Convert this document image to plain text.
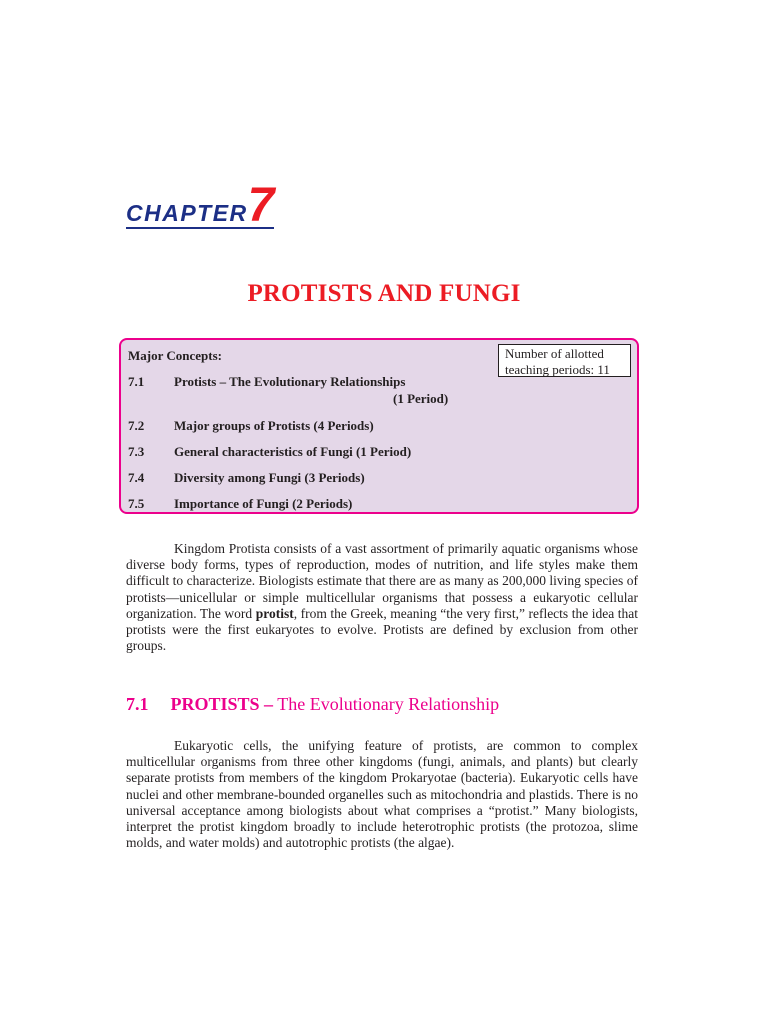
CHAPTER 7
PROTISTS AND FUNGI
Major Concepts:	Number of allotted
teaching periods: 11
7.1 Protists – The Evolutionary Relationships
(1 Period)
7.2 Major groups of Protists (4 Periods)
7.3 General characteristics of Fungi (1 Period)
7.4 Diversity among Fungi (3 Periods)
7.5 Importance of Fungi (2 Periods)

Kingdom Protista consists of a vast assortment of primarily aquatic organisms whose diverse body forms, types of reproduction, modes of nutrition, and life styles make them difficult to characterize. Biologists estimate that there are as many as 200,000 living species of protists—unicellular or simple multicellular organisms that possess a eukaryotic cellular organization. The word protist, from the Greek, meaning “the very first,” reflects the idea that protists were the first eukaryotes to evolve. Protists are defined by exclusion from other groups.

7.1 PROTISTS – The Evolutionary Relationship

Eukaryotic cells, the unifying feature of protists, are common to complex multicellular organisms from three other kingdoms (fungi, animals, and plants) but clearly separate protists from members of the kingdom Prokaryotae (bacteria). Eukaryotic cells have nuclei and other membrane-bounded organelles such as mitochondria and plastids. There is no universal acceptance among biologists about what comprises a “protist.” Many biologists, interpret the protist kingdom broadly to include heterotrophic protists (the protozoa, slime molds, and water molds) and autotrophic protists (the algae).
